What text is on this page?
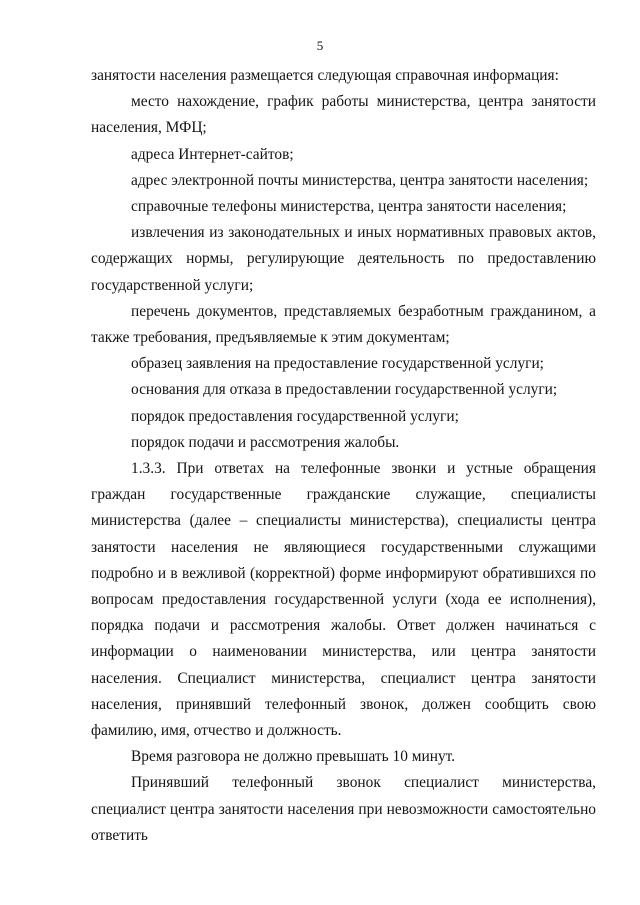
5

занятости населения размещается следующая справочная информация:

место нахождение, график работы министерства, центра занятости населения, МФЦ;

адреса Интернет-сайтов;

адрес электронной почты министерства, центра занятости населения;

справочные телефоны министерства, центра занятости населения;

извлечения из законодательных и иных нормативных правовых актов, содержащих нормы, регулирующие деятельность по предоставлению государственной услуги;

перечень документов, представляемых безработным гражданином, а также требования, предъявляемые к этим документам;

образец заявления на предоставление государственной услуги;

основания для отказа в предоставлении государственной услуги;

порядок предоставления государственной услуги;

порядок подачи и рассмотрения жалобы.

1.3.3. При ответах на телефонные звонки и устные обращения граждан государственные гражданские служащие, специалисты министерства (далее – специалисты министерства), специалисты центра занятости населения не являющиеся государственными служащими подробно и в вежливой (корректной) форме информируют обратившихся по вопросам предоставления государственной услуги (хода ее исполнения), порядка подачи и рассмотрения жалобы. Ответ должен начинаться с информации о наименовании министерства, или центра занятости населения. Специалист министерства, специалист центра занятости населения, принявший телефонный звонок, должен сообщить свою фамилию, имя, отчество и должность.

Время разговора не должно превышать 10 минут.

Принявший телефонный звонок специалист министерства, специалист центра занятости населения при невозможности самостоятельно ответить
